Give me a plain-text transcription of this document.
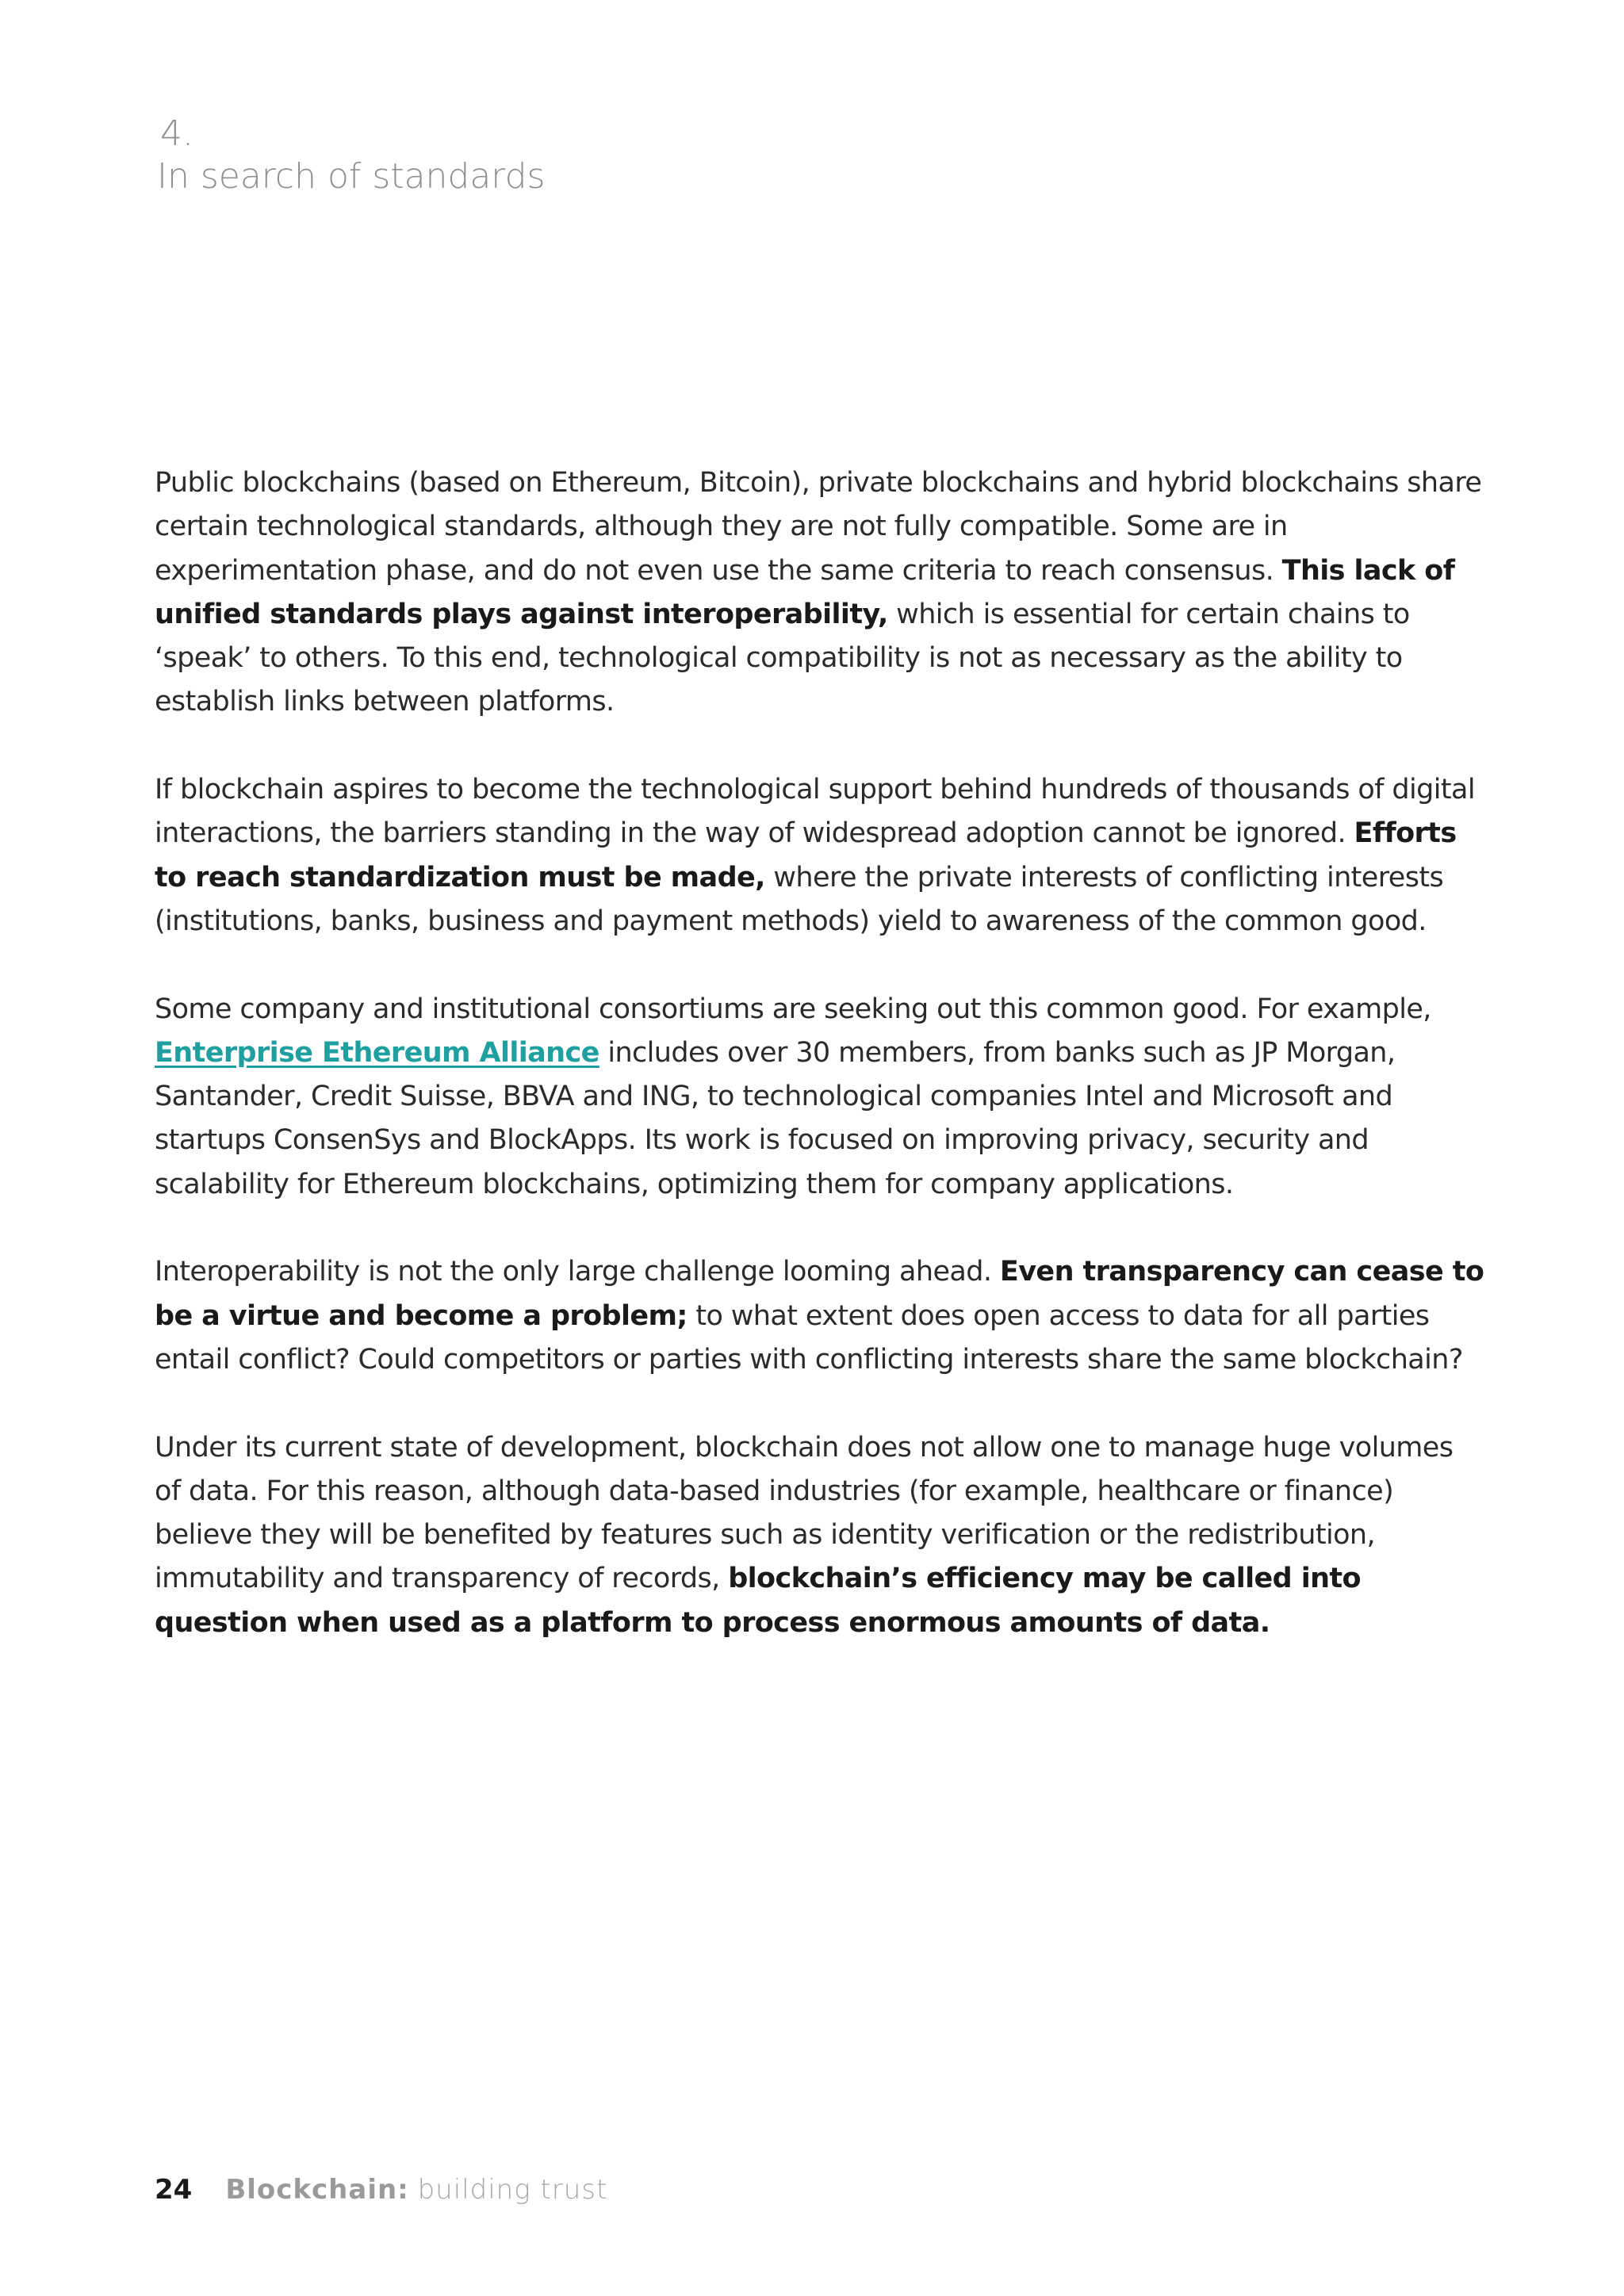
4.
In search of standards

Public blockchains (based on Ethereum, Bitcoin), private blockchains and hybrid blockchains share certain technological standards, although they are not fully compatible. Some are in experimentation phase, and do not even use the same criteria to reach consensus. This lack of unified standards plays against interoperability, which is essential for certain chains to ‘speak’ to others. To this end, technological compatibility is not as necessary as the ability to establish links between platforms.

If blockchain aspires to become the technological support behind hundreds of thousands of digital interactions, the barriers standing in the way of widespread adoption cannot be ignored. Efforts to reach standardization must be made, where the private interests of conflicting interests (institutions, banks, business and payment methods) yield to awareness of the common good.

Some company and institutional consortiums are seeking out this common good. For example, Enterprise Ethereum Alliance includes over 30 members, from banks such as JP Morgan, Santander, Credit Suisse, BBVA and ING, to technological companies Intel and Microsoft and startups ConsenSys and BlockApps. Its work is focused on improving privacy, security and scalability for Ethereum blockchains, optimizing them for company applications.

Interoperability is not the only large challenge looming ahead. Even transparency can cease to be a virtue and become a problem; to what extent does open access to data for all parties entail conflict? Could competitors or parties with conflicting interests share the same blockchain?

Under its current state of development, blockchain does not allow one to manage huge volumes of data. For this reason, although data-based industries (for example, healthcare or finance) believe they will be benefited by features such as identity verification or the redistribution, immutability and transparency of records, blockchain’s efficiency may be called into question when used as a platform to process enormous amounts of data.

24 Blockchain: building trust
